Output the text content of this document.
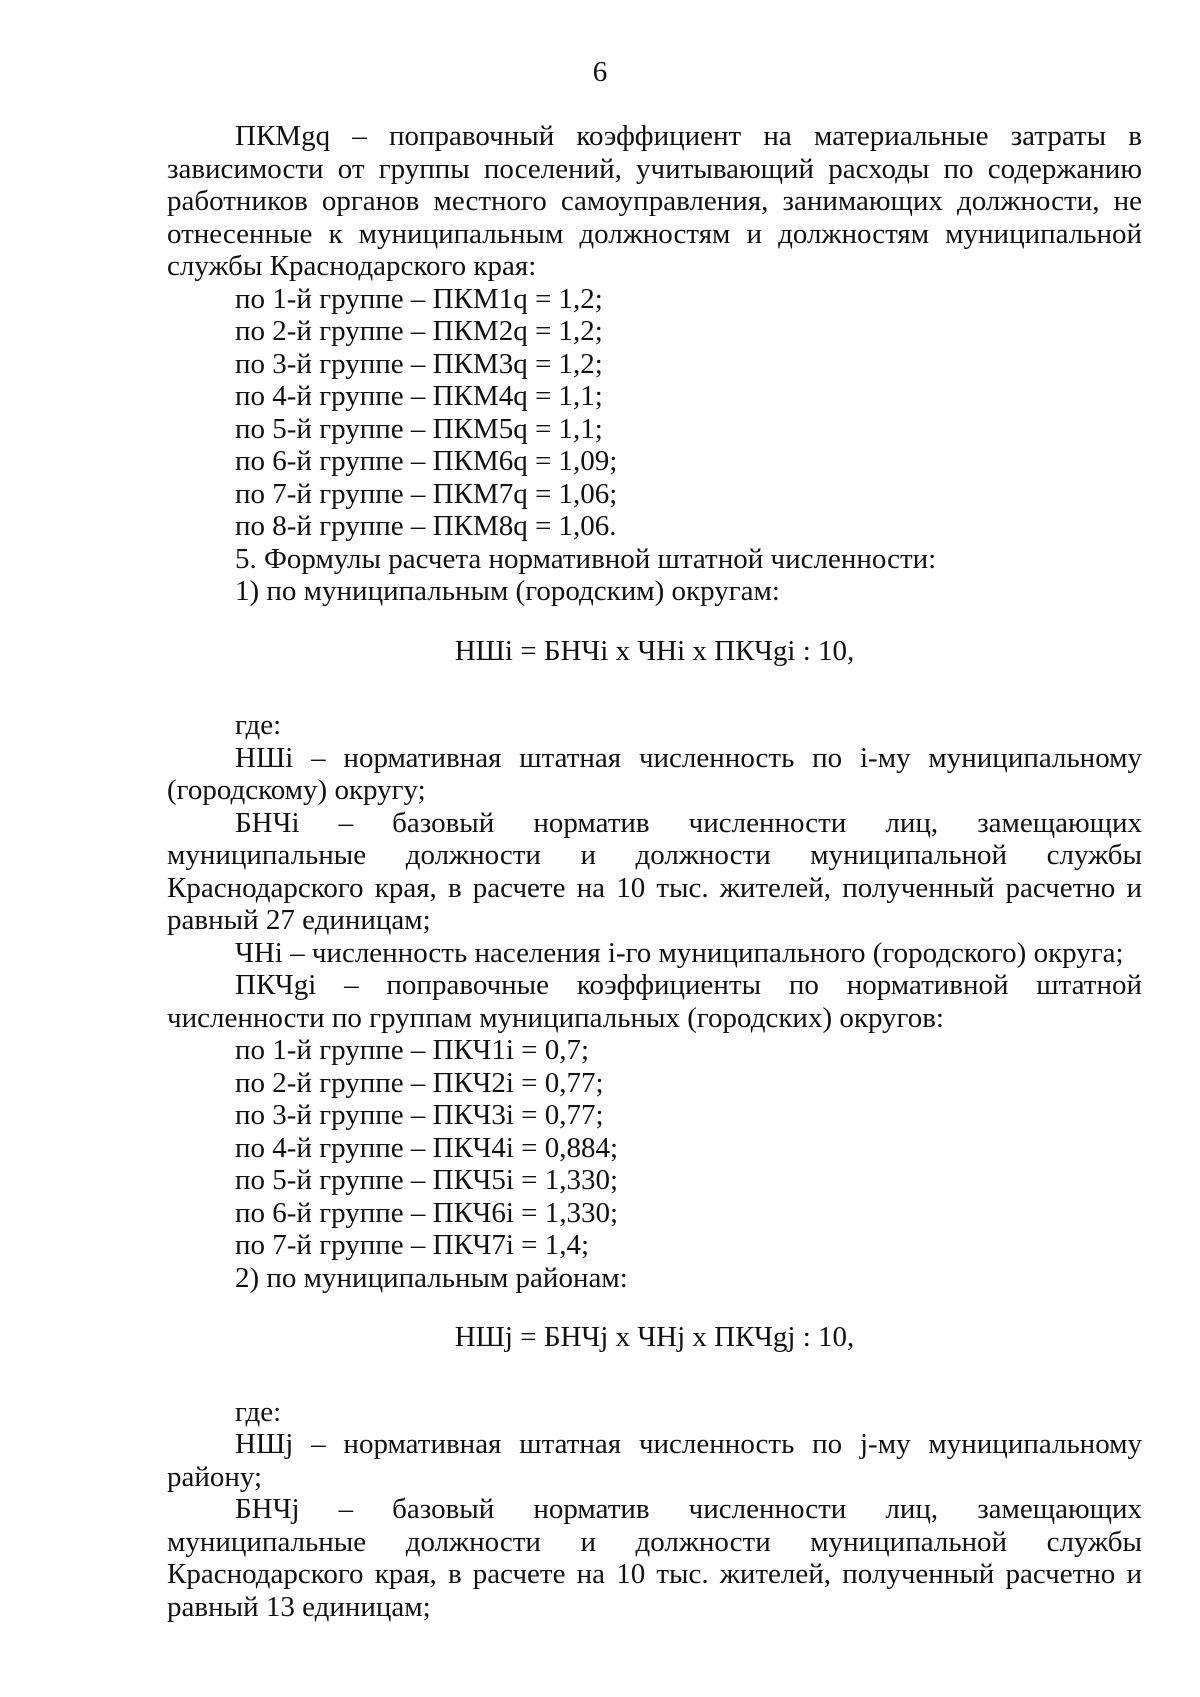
6

ПКМgq – поправочный коэффициент на материальные затраты в зависимости от группы поселений, учитывающий расходы по содержанию работников органов местного самоуправления, занимающих должности, не отнесенные к муниципальным должностям и должностям муниципальной службы Краснодарского края:

по 1-й группе – ПКМ1q = 1,2;
по 2-й группе – ПКМ2q = 1,2;
по 3-й группе – ПКМ3q = 1,2;
по 4-й группе – ПКМ4q = 1,1;
по 5-й группе – ПКМ5q = 1,1;
по 6-й группе – ПКМ6q = 1,09;
по 7-й группе – ПКМ7q = 1,06;
по 8-й группе – ПКМ8q = 1,06.
5. Формулы расчета нормативной штатной численности:
1) по муниципальным (городским) округам:
НШi = БНЧi x ЧНi x ПКЧgi : 10,
где:

НШi – нормативная штатная численность по i-му муниципальному (городскому) округу;

БНЧi – базовый норматив численности лиц, замещающих муниципальные должности и должности муниципальной службы Краснодарского края, в расчете на 10 тыс. жителей, полученный расчетно и равный 27 единицам;

ЧНi – численность населения i-го муниципального (городского) округа;

ПКЧgi – поправочные коэффициенты по нормативной штатной численности по группам муниципальных (городских) округов:

по 1-й группе – ПКЧ1i = 0,7;
по 2-й группе – ПКЧ2i = 0,77;
по 3-й группе – ПКЧ3i = 0,77;
по 4-й группе – ПКЧ4i = 0,884;
по 5-й группе – ПКЧ5i = 1,330;
по 6-й группе – ПКЧ6i = 1,330;
по 7-й группе – ПКЧ7i = 1,4;
2) по муниципальным районам:
НШj = БНЧj x ЧНj x ПКЧgj : 10,
где:

НШj – нормативная штатная численность по j-му муниципальному району;

БНЧj – базовый норматив численности лиц, замещающих муниципальные должности и должности муниципальной службы Краснодарского края, в расчете на 10 тыс. жителей, полученный расчетно и равный 13 единицам;
